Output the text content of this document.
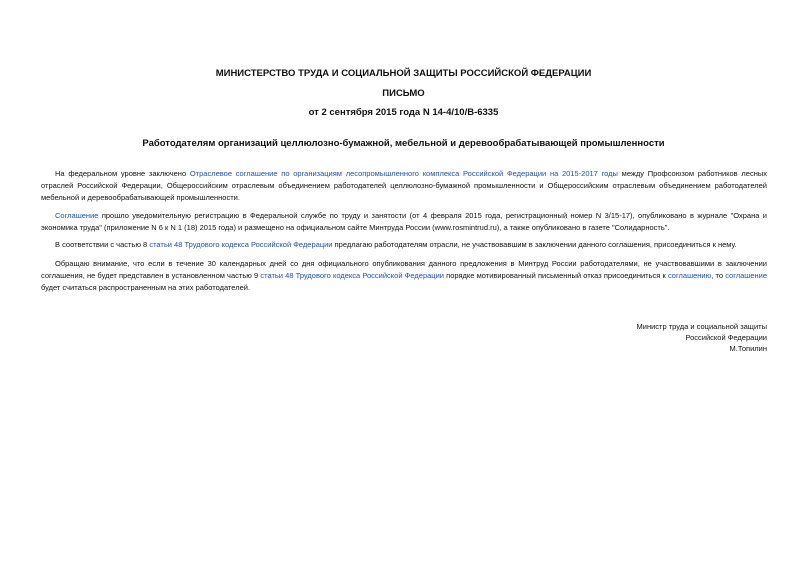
МИНИСТЕРСТВО ТРУДА И СОЦИАЛЬНОЙ ЗАЩИТЫ РОССИЙСКОЙ ФЕДЕРАЦИИ
ПИСЬМО
от 2 сентября 2015 года N 14-4/10/В-6335
Работодателям организаций целлюлозно-бумажной, мебельной и деревообрабатывающей промышленности

На федеральном уровне заключено Отраслевое соглашение по организациям лесопромышленного комплекса Российской Федерации на 2015-2017 годы между Профсоюзом работников лесных отраслей Российской Федерации, Общероссийским отраслевым объединением работодателей целлюлозно-бумажной промышленности и Общероссийским отраслевым объединением работодателей мебельной и деревообрабатывающей промышленности.

Соглашение прошло уведомительную регистрацию в Федеральной службе по труду и занятости (от 4 февраля 2015 года, регистрационный номер N 3/15-17), опубликовано в журнале "Охрана и экономика труда" (приложение N 6 к N 1 (18) 2015 года) и размещено на официальном сайте Минтруда России (www.rosmintrud.ru), а также опубликовано в газете "Солидарность".

В соответствии с частью 8 статьи 48 Трудового кодекса Российской Федерации предлагаю работодателям отрасли, не участвовавшим в заключении данного соглашения, присоединиться к нему.

Обращаю внимание, что если в течение 30 календарных дней со дня официального опубликования данного предложения в Минтруд России работодателями, не участвовавшими в заключении соглашения, не будет представлен в установленном частью 9 статьи 48 Трудового кодекса Российской Федерации порядке мотивированный письменный отказ присоединиться к соглашению, то соглашение будет считаться распространенным на этих работодателей.

Министр труда и социальной защиты
Российской Федерации
М.Топилин
